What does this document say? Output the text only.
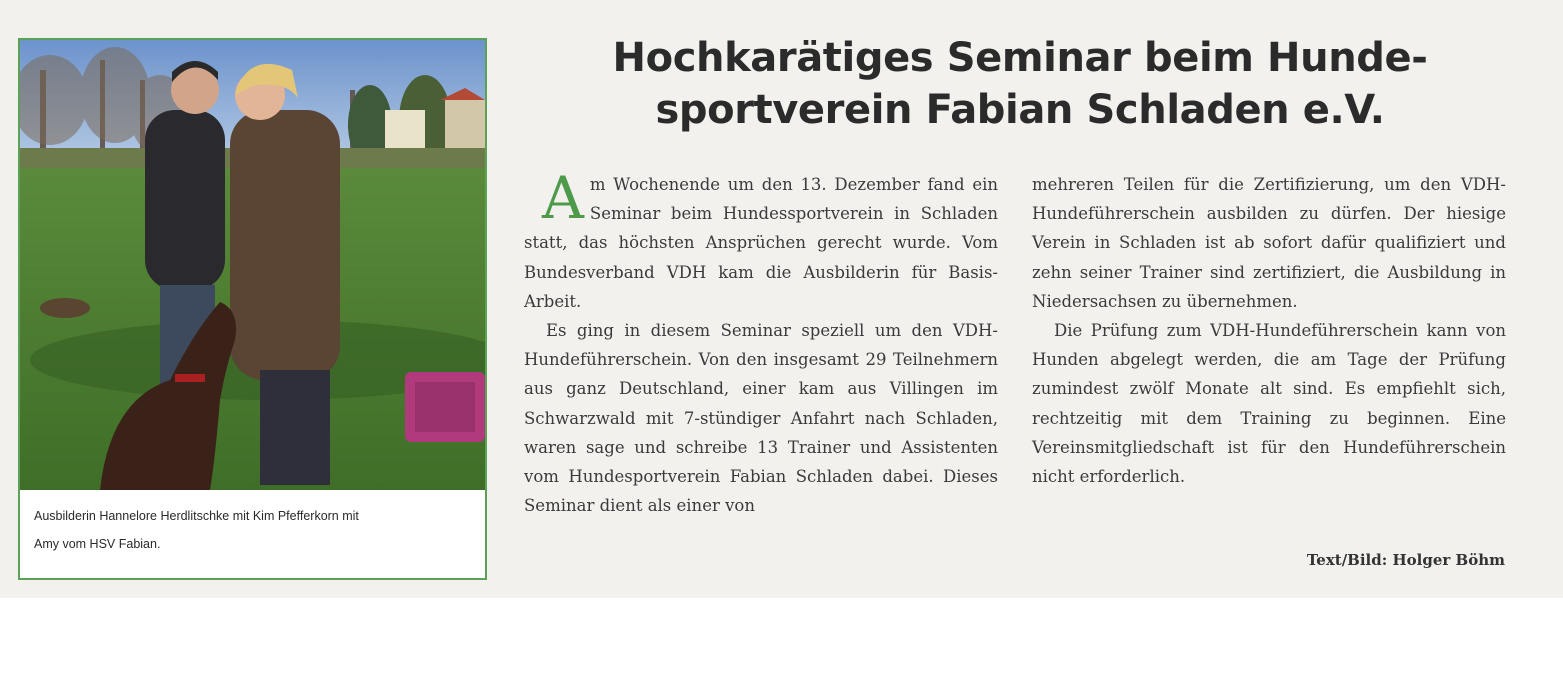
Ausbilderin Hannelore Herdlitschke mit Kim Pfefferkorn mit
Amy vom HSV Fabian.
Hochkarätiges Seminar beim Hunde-
sportverein Fabian Schladen e.V.

Am Wochenende um den 13. Dezember fand ein Seminar beim Hundessportverein in Schladen statt, das höchsten Ansprüchen gerecht wurde. Vom Bundesverband VDH kam die Ausbilderin für Basis-Arbeit.

Es ging in diesem Seminar speziell um den VDH-Hundeführerschein. Von den insgesamt 29 Teilnehmern aus ganz Deutschland, einer kam aus Villingen im Schwarzwald mit 7-stündiger Anfahrt nach Schladen, waren sage und schreibe 13 Trainer und Assistenten vom Hundesportverein Fabian Schladen dabei. Dieses Seminar dient als einer von

mehreren Teilen für die Zertifizierung, um den VDH-Hundeführerschein ausbilden zu dürfen. Der hiesige Verein in Schladen ist ab sofort dafür qualifiziert und zehn seiner Trainer sind zertifiziert, die Ausbildung in Niedersachsen zu übernehmen.

Die Prüfung zum VDH-Hundeführerschein kann von Hunden abgelegt werden, die am Tage der Prüfung zumindest zwölf Monate alt sind. Es empfiehlt sich, rechtzeitig mit dem Training zu beginnen. Eine Vereinsmitgliedschaft ist für den Hundeführerschein nicht erforderlich.

Text/Bild: Holger Böhm
